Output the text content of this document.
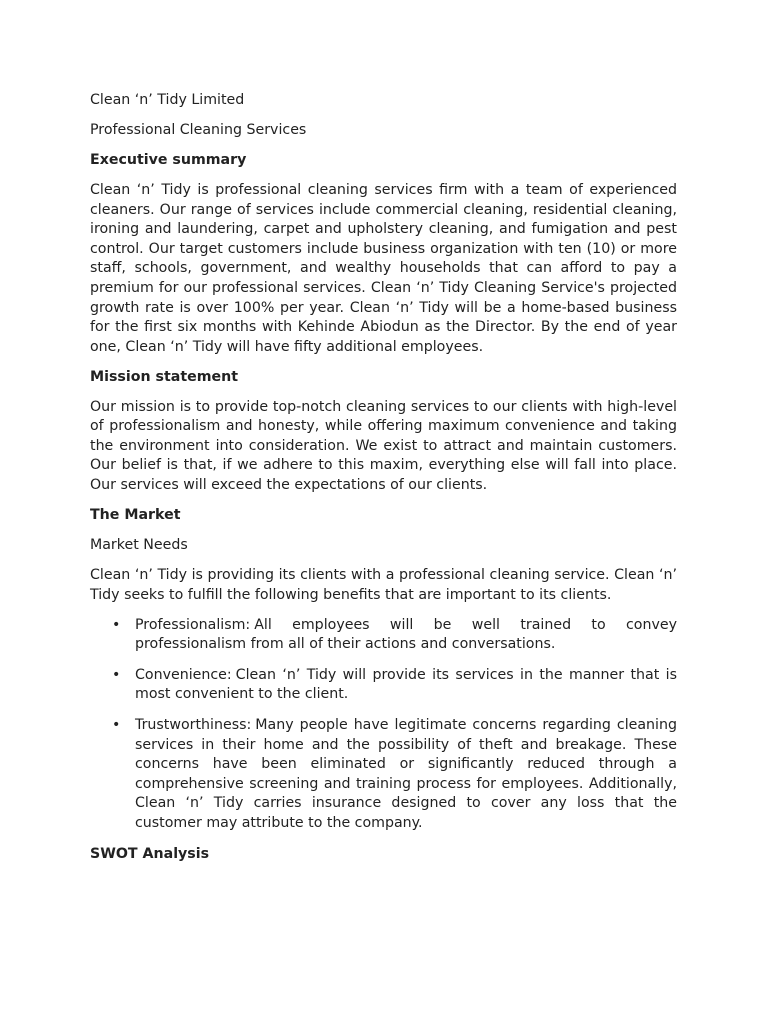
Clean ‘n’ Tidy Limited
Professional Cleaning Services
Executive summary
Clean ‘n’ Tidy is professional cleaning services firm with a team of experienced cleaners. Our range of services include commercial cleaning, residential cleaning, ironing and laundering, carpet and upholstery cleaning, and fumigation and pest control. Our target customers include business organization with ten (10) or more staff, schools, government, and wealthy households that can afford to pay a premium for our professional services. Clean ‘n’ Tidy Cleaning Service's projected growth rate is over 100% per year. Clean ‘n’ Tidy will be a home-based business for the first six months with Kehinde Abiodun as the Director. By the end of year one, Clean ‘n’ Tidy will have fifty additional employees.
Mission statement
Our mission is to provide top-notch cleaning services to our clients with high-level of professionalism and honesty, while offering maximum convenience and taking the environment into consideration. We exist to attract and maintain customers. Our belief is that, if we adhere to this maxim, everything else will fall into place. Our services will exceed the expectations of our clients.
The Market
Market Needs
Clean ‘n’ Tidy is providing its clients with a professional cleaning service. Clean ‘n’ Tidy seeks to fulfill the following benefits that are important to its clients.
• Professionalism: All employees will be well trained to convey professionalism from all of their actions and conversations.
• Convenience: Clean ‘n’ Tidy will provide its services in the manner that is most convenient to the client.
• Trustworthiness: Many people have legitimate concerns regarding cleaning services in their home and the possibility of theft and breakage. These concerns have been eliminated or significantly reduced through a comprehensive screening and training process for employees. Additionally, Clean ‘n’ Tidy carries insurance designed to cover any loss that the customer may attribute to the company.
SWOT Analysis
